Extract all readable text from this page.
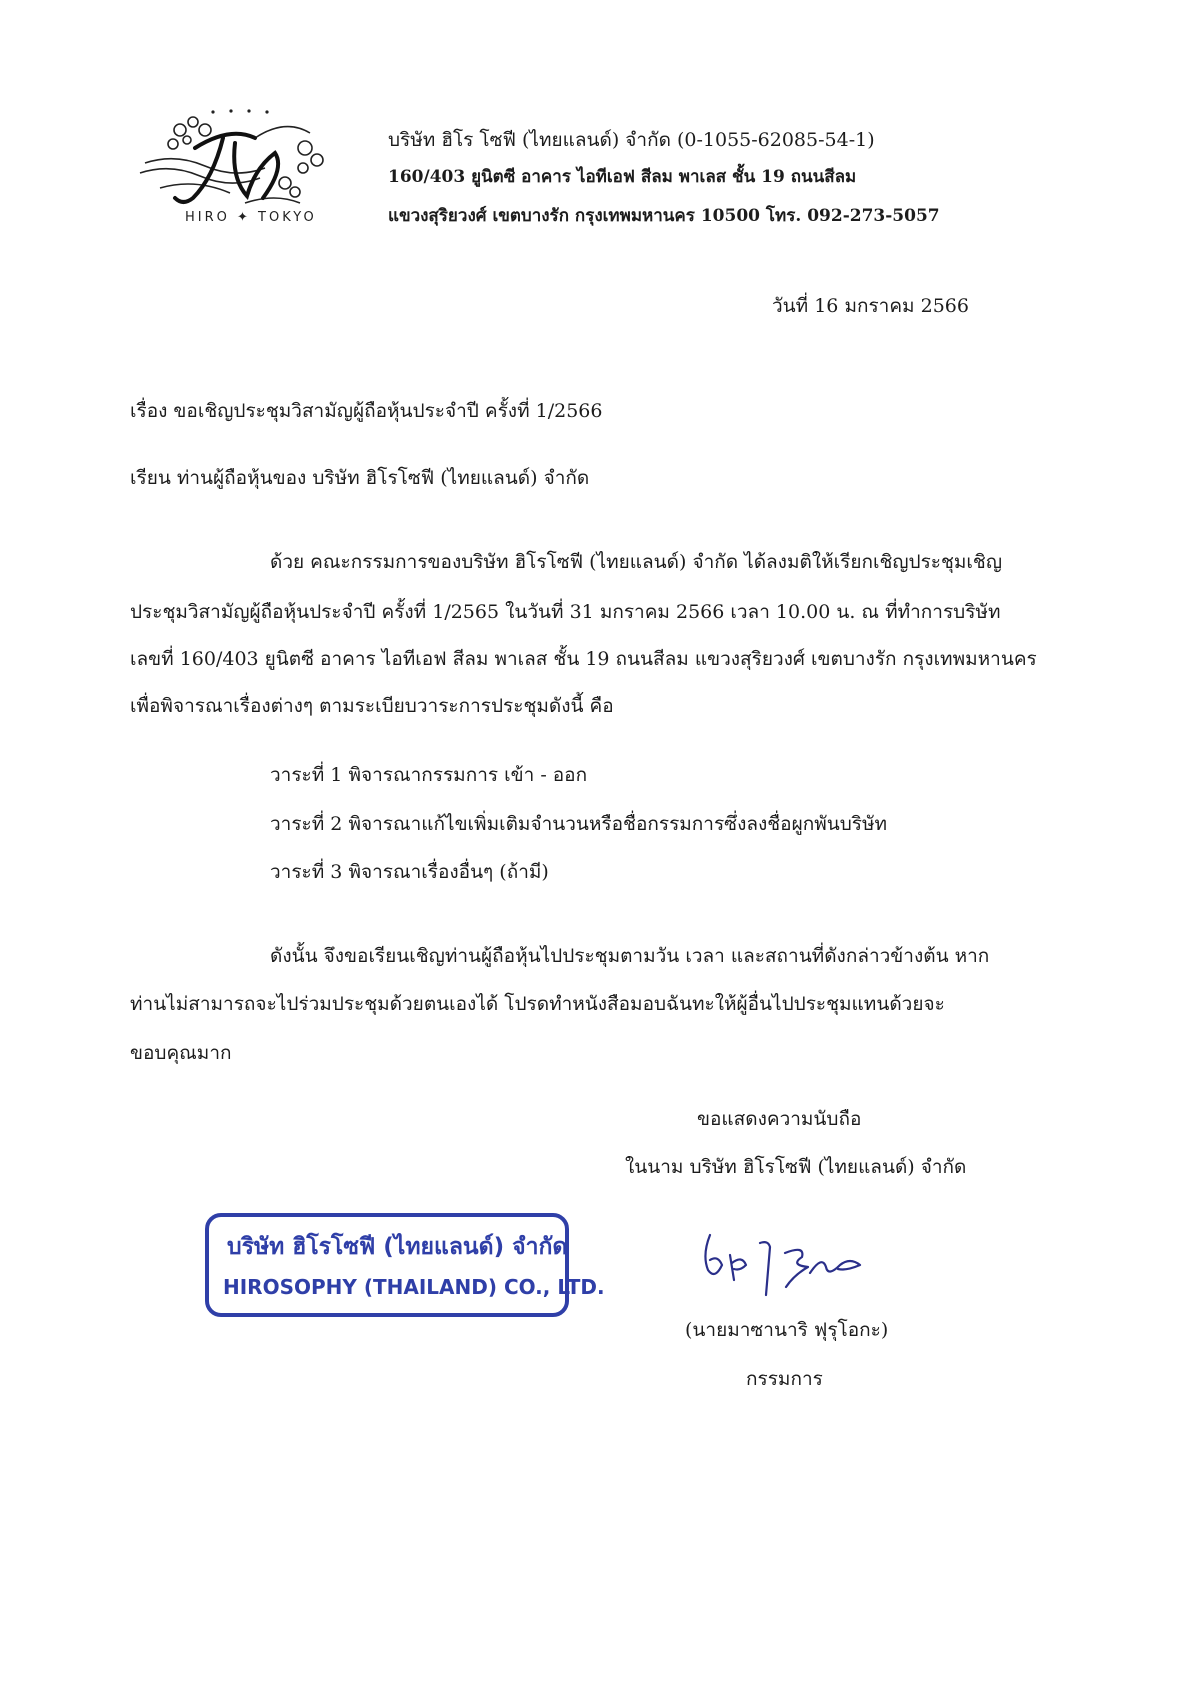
HIRO ✦ TOKYO
บริษัท ฮิโร โซฟี (ไทยแลนด์) จำกัด (0-1055-62085-54-1)
160/403 ยูนิตซี อาคาร ไอทีเอฟ สีลม พาเลส ชั้น 19 ถนนสีลม
แขวงสุริยวงศ์ เขตบางรัก กรุงเทพมหานคร 10500 โทร. 092-273-5057
วันที่ 16 มกราคม 2566
เรื่อง ขอเชิญประชุมวิสามัญผู้ถือหุ้นประจำปี ครั้งที่ 1/2566
เรียน ท่านผู้ถือหุ้นของ บริษัท ฮิโรโซฟี (ไทยแลนด์) จำกัด
ด้วย คณะกรรมการของบริษัท ฮิโรโซฟี (ไทยแลนด์) จำกัด ได้ลงมติให้เรียกเชิญประชุมเชิญ
ประชุมวิสามัญผู้ถือหุ้นประจำปี ครั้งที่ 1/2565 ในวันที่ 31 มกราคม 2566 เวลา 10.00 น. ณ ที่ทำการบริษัท
เลขที่ 160/403 ยูนิตซี อาคาร ไอทีเอฟ สีลม พาเลส ชั้น 19 ถนนสีลม แขวงสุริยวงศ์ เขตบางรัก กรุงเทพมหานคร
เพื่อพิจารณาเรื่องต่างๆ ตามระเบียบวาระการประชุมดังนี้ คือ
วาระที่ 1 พิจารณากรรมการ เข้า - ออก
วาระที่ 2 พิจารณาแก้ไขเพิ่มเติมจำนวนหรือชื่อกรรมการซึ่งลงชื่อผูกพันบริษัท
วาระที่ 3 พิจารณาเรื่องอื่นๆ (ถ้ามี)
ดังนั้น จึงขอเรียนเชิญท่านผู้ถือหุ้นไปประชุมตามวัน เวลา และสถานที่ดังกล่าวข้างต้น หาก
ท่านไม่สามารถจะไปร่วมประชุมด้วยตนเองได้ โปรดทำหนังสือมอบฉันทะให้ผู้อื่นไปประชุมแทนด้วยจะ
ขอบคุณมาก
ขอแสดงความนับถือ
ในนาม บริษัท ฮิโรโซฟี (ไทยแลนด์) จำกัด
บริษัท ฮิโรโซฟี (ไทยแลนด์) จำกัด
HIROSOPHY (THAILAND) CO., LTD.
(นายมาซานาริ ฟุรุโอกะ)
กรรมการ
